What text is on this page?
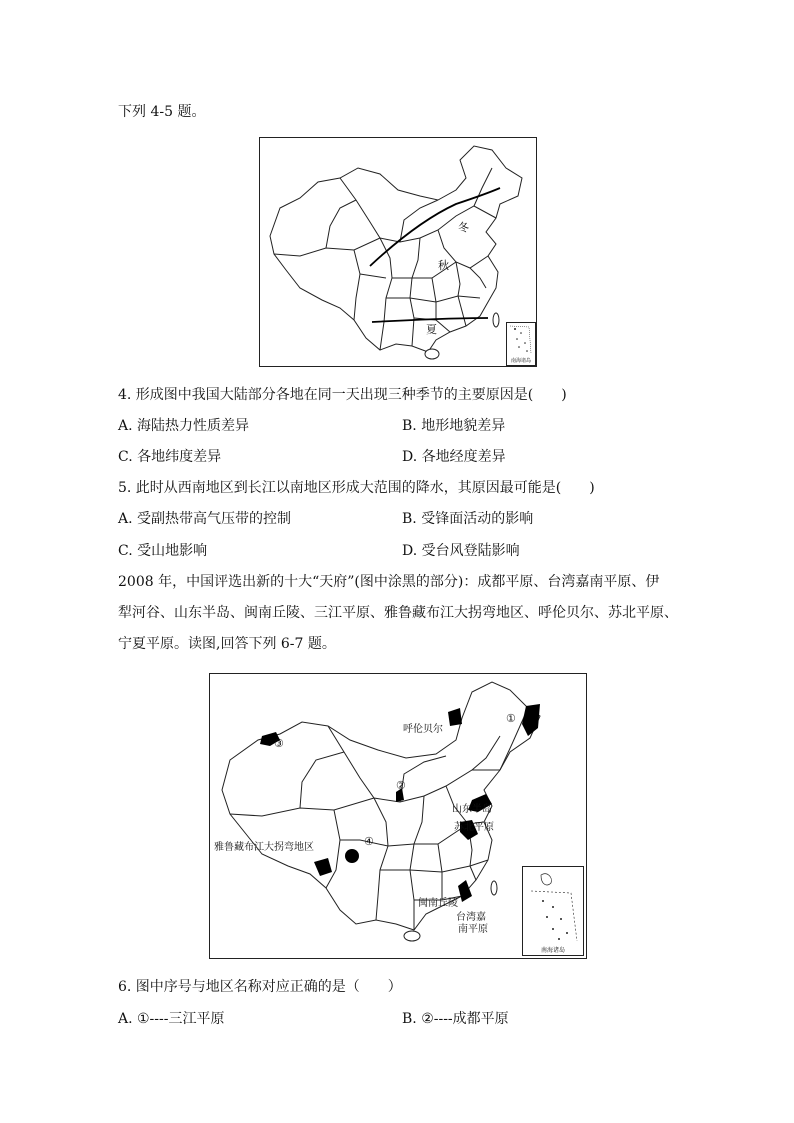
下列 4-5 题。
冬
秋
夏
南海诸岛
4. 形成图中我国大陆部分各地在同一天出现三种季节的主要原因是(　　)
A. 海陆热力性质差异	B. 地形地貌差异
C. 各地纬度差异	D. 各地经度差异
5. 此时从西南地区到长江以南地区形成大范围的降水，其原因最可能是(　　)
A. 受副热带高气压带的控制	B. 受锋面活动的影响
C. 受山地影响	D. 受台风登陆影响
2008 年，中国评选出新的十大“天府”(图中涂黑的部分)：成都平原、台湾嘉南平原、伊
犁河谷、山东半岛、闽南丘陵、三江平原、雅鲁藏布江大拐弯地区、呼伦贝尔、苏北平原、
宁夏平原。读图,回答下列 6-7 题。
呼伦贝尔
山东半岛
苏北平原
雅鲁藏布江大拐弯地区
闽南丘陵
台湾嘉
南平原
①
②
③
④
南海诸岛
6. 图中序号与地区名称对应正确的是（　　）
A. ①----三江平原	B. ②----成都平原
